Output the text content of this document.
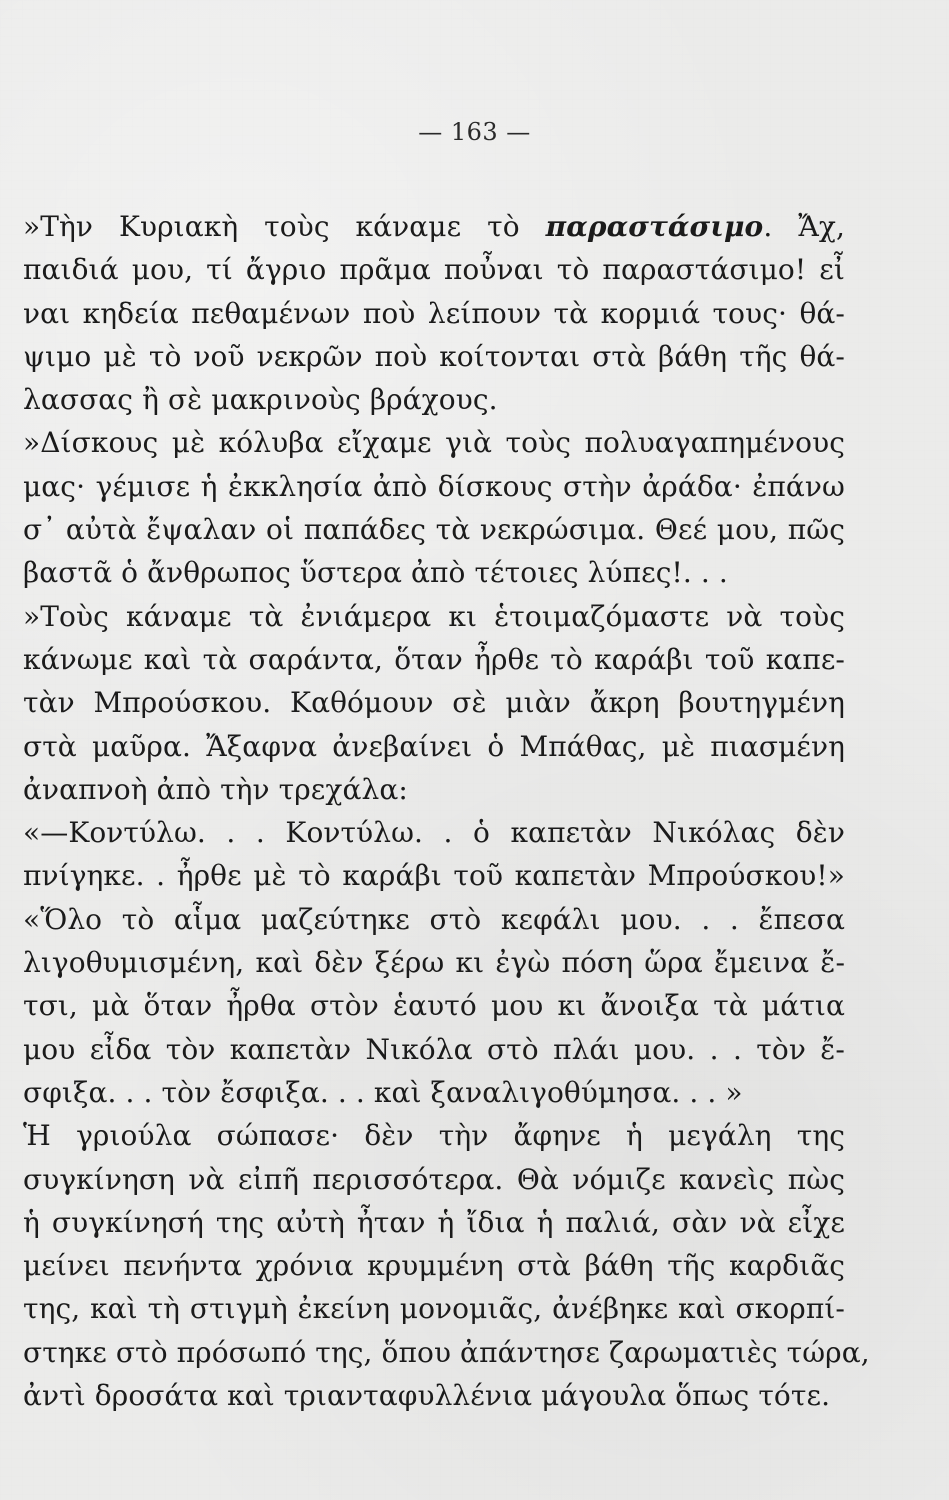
— 163 —
»Τὴν Κυριακὴ τοὺς κάναμε τὸ παραστάσιμο. Ἄχ,
παιδιά μου, τί ἄγριο πρᾶμα ποὖναι τὸ παραστάσιμο! εἶ
ναι κηδεία πεθαμένων ποὺ λείπουν τὰ κορμιά τους· θά-
ψιμο μὲ τὸ νοῦ νεκρῶν ποὺ κοίτονται στὰ βάθη τῆς θά-
λασσας ἢ σὲ μακρινοὺς βράχους.
»Δίσκους μὲ κόλυβα εἴχαμε γιὰ τοὺς πολυαγαπημένους
μας· γέμισε ἡ ἐκκλησία ἀπὸ δίσκους στὴν ἀράδα· ἐπάνω
σ᾽ αὐτὰ ἔψαλαν οἱ παπάδες τὰ νεκρώσιμα. Θεέ μου, πῶς
βαστᾶ ὁ ἄνθρωπος ὕστερα ἀπὸ τέτοιες λύπες!. . .
»Τοὺς κάναμε τὰ ἐνιάμερα κι ἑτοιμαζόμαστε νὰ τοὺς
κάνωμε καὶ τὰ σαράντα, ὅταν ἦρθε τὸ καράβι τοῦ καπε-
τὰν Μπρούσκου. Καθόμουν σὲ μιὰν ἄκρη βουτηγμένη
στὰ μαῦρα. Ἄξαφνα ἀνεβαίνει ὁ Μπάθας, μὲ πιασμένη
ἀναπνοὴ ἀπὸ τὴν τρεχάλα:
«—Κοντύλω. . . Κοντύλω. . ὁ καπετὰν Νικόλας δὲν
πνίγηκε. . ἦρθε μὲ τὸ καράβι τοῦ καπετὰν Μπρούσκου!»
«Ὅλο τὸ αἷμα μαζεύτηκε στὸ κεφάλι μου. . . ἔπεσα
λιγοθυμισμένη, καὶ δὲν ξέρω κι ἐγὼ πόση ὥρα ἔμεινα ἔ-
τσι, μὰ ὅταν ἦρθα στὸν ἑαυτό μου κι ἄνοιξα τὰ μάτια
μου εἶδα τὸν καπετὰν Νικόλα στὸ πλάι μου. . . τὸν ἔ-
σφιξα. . . τὸν ἔσφιξα. . . καὶ ξαναλιγοθύμησα. . . »
Ἡ γριούλα σώπασε· δὲν τὴν ἄφηνε ἡ μεγάλη της
συγκίνηση νὰ εἰπῆ περισσότερα. Θὰ νόμιζε κανεὶς πὼς
ἡ συγκίνησή της αὐτὴ ἦταν ἡ ἴδια ἡ παλιά, σὰν νὰ εἶχε
μείνει πενήντα χρόνια κρυμμένη στὰ βάθη τῆς καρδιᾶς
της, καὶ τὴ στιγμὴ ἐκείνη μονομιᾶς, ἀνέβηκε καὶ σκορπί-
στηκε στὸ πρόσωπό της, ὅπου ἀπάντησε ζαρωματιὲς τώρα,
ἀντὶ δροσάτα καὶ τριανταφυλλένια μάγουλα ὅπως τότε.
